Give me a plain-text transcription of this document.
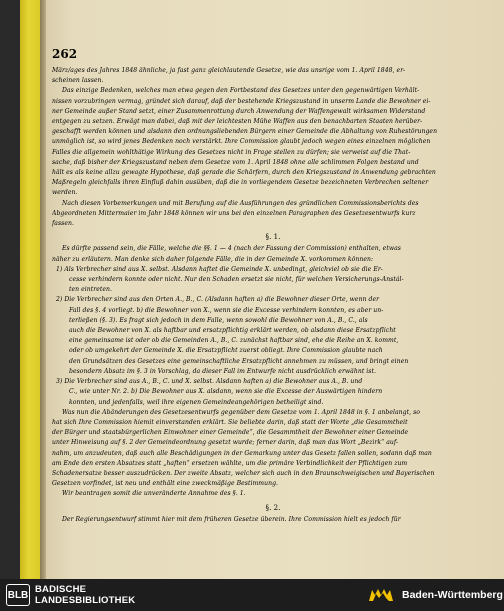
262

März/ages des Jahres 1848 ähnliche, ja fast ganz gleichlautende Gesetze, wie das unsrige vom 1. April 1848, er-

scheinen lassen.

Das einzige Bedenken, welches man etwa gegen den Fortbestand des Gesetzes unter den gegenwärtigen Verhält-

nissen vorzubringen vermag, gründet sich darauf, daß der bestehende Kriegszustand in unserm Lande die Bewohner ei-

ner Gemeinde außer Stand setzt, einer Zusammenrottung durch Anwendung der Waffengewalt wirksamen Widerstand

entgegen zu setzen. Erwägt man dabei, daß mit der leichtesten Mühe Waffen aus den benachbarten Staaten herüber-

geschafft werden können und alsdann den ordnungsliebenden Bürgern einer Gemeinde die Abhaltung von Ruhestörungen

unmöglich ist, so wird jenes Bedenken noch verstärkt. Ihre Commission glaubt jedoch wegen eines einzelnen möglichen

Falles die allgemein wohlthätige Wirkung des Gesetzes nicht in Frage stellen zu dürfen; sie verweist auf die That-

sache, daß bisher der Kriegszustand neben dem Gesetze vom 1. April 1848 ohne alle schlimmen Folgen bestand und

hält es als keine allzu gewagte Hypothese, daß gerade die Schärfern, durch den Kriegszustand in Anwendung gebrachten

Maßregeln gleichfalls ihren Einfluß dahin ausüben, daß die in vorliegendem Gesetze bezeichneten Verbrechen seltener

werden.

Nach diesen Vorbemerkungen und mit Berufung auf die Ausführungen des gründlichen Commissionsberichts des

Abgeordneten Mittermaier im Jahr 1848 können wir uns bei den einzelnen Paragraphen des Gesetzesentwurfs kurz

fassen.

§. 1.

Es dürfte passend sein, die Fälle, welche die §§. 1 — 4 (nach der Fassung der Commission) enthalten, etwas

näher zu erläutern. Man denke sich daher folgende Fälle, die in der Gemeinde X. vorkommen können:

1) Als Verbrecher sind aus X. selbst. Alsdann haftet die Gemeinde X. unbedingt, gleichviel ob sie die Er-

cesse verhindern konnte oder nicht. Nur den Schaden ersetzt sie nicht, für welchen Versicherungs-Anstál-

ten eintreten.

2) Die Verbrecher sind aus den Orten A., B., C. (Alsdann haften a) die Bewohner dieser Orte, wenn der

Fall des §. 4 vorliegt. b) die Bewohner von X., wenn sie die Excesse verhindern konnten, es aber un-

terließen (§. 3). Es fragt sich jedoch in dem Falle, wenn sowohl die Bewohner von A., B., C., als

auch die Bewohner von X. als haftbar und ersatzpflichtig erklärt werden, ob alsdann diese Ersatzpflicht

eine gemeinsame ist oder ob die Gemeinden A., B., C. zunächst haftbar sind, ehe die Reihe an X. kommt,

oder ob umgekehrt der Gemeinde X. die Ersatzpflicht zuerst obliegt. Ihre Commission glaubte nach

den Grundsätzen des Gesetzes eine gemeinschaftliche Ersatzpflicht annehmen zu müssen, und bringt einen

besondern Absatz im §. 3 in Vorschlag, da dieser Fall im Entwurfe nicht ausdrücklich erwähnt ist.

3) Die Verbrecher sind aus A., B., C. und X. selbst. Alsdann haften a) die Bewohner aus A., B. und

C., wie unter Nr. 2. b) Die Bewohner aus X. alsdann, wenn sie die Excesse der Auswärtigen hindern

konnten, und jedenfalls, weil ihre eigenen Gemeindeangehörigen betheiligt sind.

Was nun die Abänderungen des Gesetzesentwurfs gegenüber dem Gesetze vom 1. April 1848 in §. 1 anbelangt, so

hat sich Ihre Commission hiemit einverstanden erklärt. Sie beliebte darin, daß statt der Worte „die Gesammtheit

der Bürger und staatsbürgerlichen Einwohner einer Gemeinde“, die Gesammtheit der Bewohner einer Gemeinde

unter Hinweisung auf §. 2 der Gemeindeordnung gesetzt wurde; ferner darin, daß man das Wort „Bezirk“ auf-

nahm, um anzudeuten, daß auch alle Beschädigungen in der Gemarkung unter das Gesetz fallen sollen, sodann daß man

am Ende den ersten Absatzes statt „haften“ ersetzen wählte, um die primäre Verbindlichkeit der Pflichtigen zum

Schadenersatze besser auszudrücken. Der zweite Absatz, welcher sich auch in den Braunschweigischen und Bayerischen

Gesetzen vorfindet, ist neu und enthält eine zweckmäßige Bestimmung.

Wir beantragen somit die unveränderte Annahme des §. 1.

§. 2.

Der Regierungsentwurf stimmt hier mit dem früheren Gesetze überein. Ihre Commission hielt es jedoch für

BLB
BADISCHE
LANDESBIBLIOTHEK	Baden-Württemberg
